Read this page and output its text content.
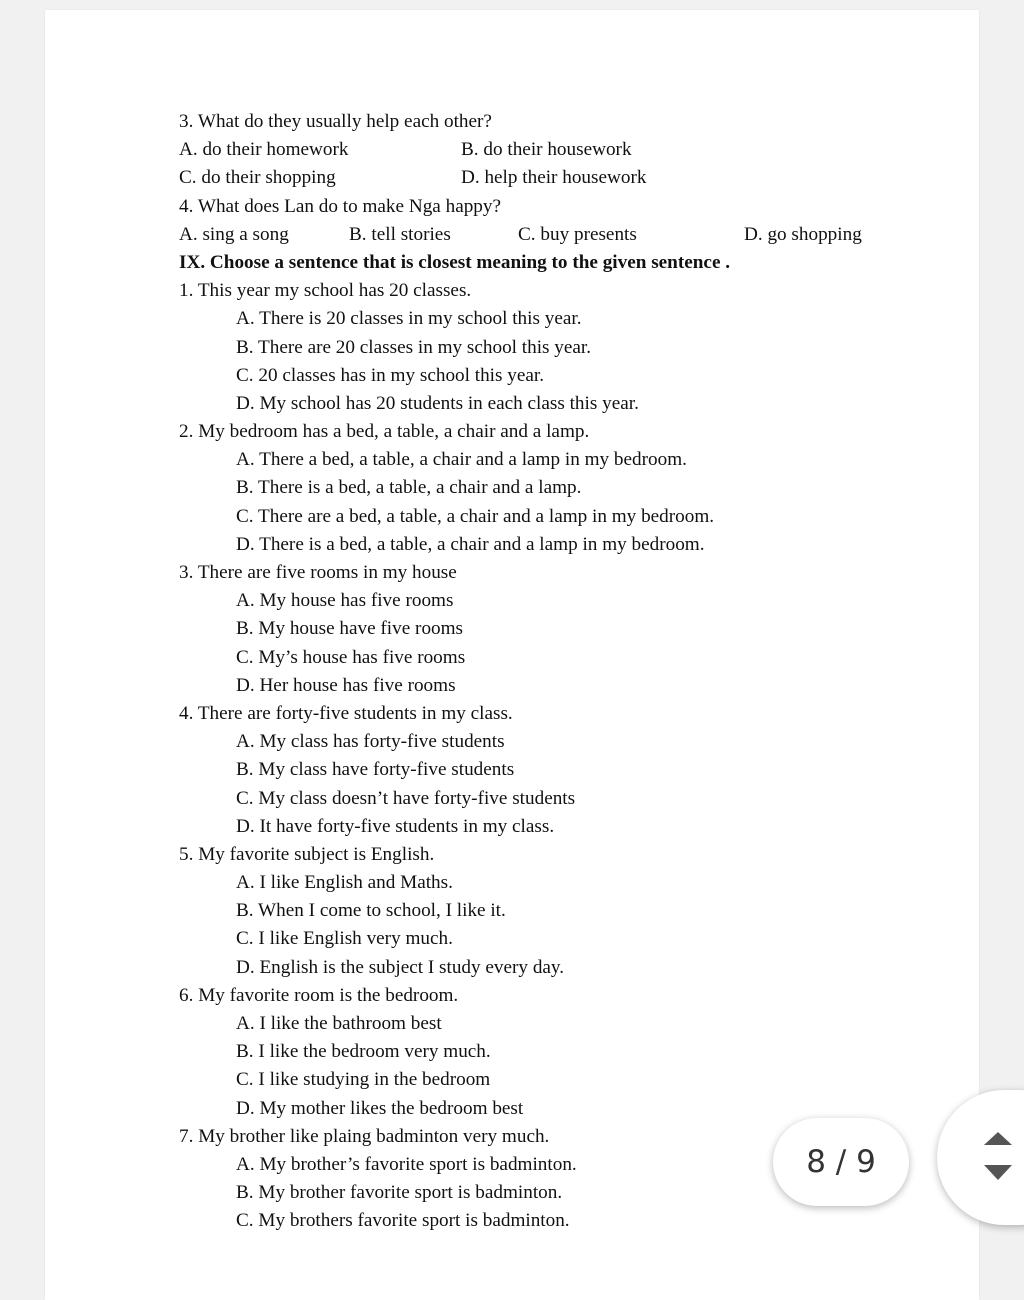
3. What do they usually help each other?
A. do their homework	B. do their housework
C. do their shopping	D. help their housework
4. What does Lan do to make Nga happy?
A. sing a song	B. tell stories	C. buy presents	D. go shopping
IX. Choose a sentence that is closest meaning to the given sentence .
1. This year my school has 20 classes.
A. There is 20 classes in my school this year.
B. There are 20 classes in my school this year.
C. 20 classes has in my school this year.
D. My school has 20 students in each class this year.
2. My bedroom has a bed, a table, a chair and a lamp.
A. There a bed, a table, a chair and a lamp in my bedroom.
B. There is a bed, a table, a chair and a lamp.
C. There are a bed, a table, a chair and a lamp in my bedroom.
D. There is a bed, a table, a chair and a lamp in my bedroom.
3. There are five rooms in my house
A. My house has five rooms
B. My house have five rooms
C. My’s house has five rooms
D. Her house has five rooms
4. There are forty-five students in my class.
A. My class has forty-five students
B. My class have forty-five students
C. My class doesn’t have forty-five students
D. It have forty-five students in my class.
5. My favorite subject is English.
A. I like English and Maths.
B. When I come to school, I like it.
C. I like English very much.
D. English is the subject I study every day.
6. My favorite room is the bedroom.
A. I like the bathroom best
B. I like the bedroom very much.
C. I like studying in the bedroom
D. My mother likes the bedroom best
7. My brother like plaing badminton very much.
A. My brother’s favorite sport is badminton.
B. My brother favorite sport is badminton.
C. My brothers favorite sport is badminton.
8 / 9
